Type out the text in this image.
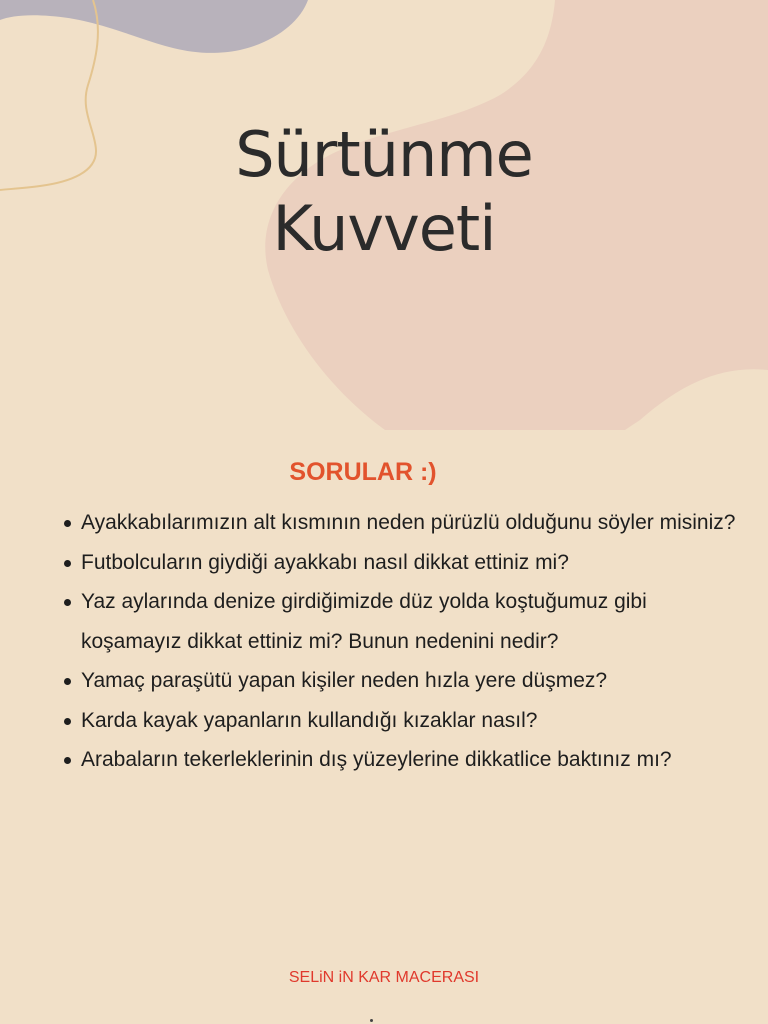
Sürtünme
Kuvveti
SORULAR :)
Ayakkabılarımızın alt kısmının neden pürüzlü olduğunu söyler misiniz?
Futbolcuların giydiği ayakkabı nasıl dikkat ettiniz mi?
Yaz aylarında denize girdiğimizde düz yolda koştuğumuz gibi koşamayız dikkat ettiniz mi? Bunun nedenini nedir?
Yamaç paraşütü yapan kişiler neden hızla yere düşmez?
Karda kayak yapanların kullandığı kızaklar nasıl?
Arabaların tekerleklerinin dış yüzeylerine dikkatlice baktınız mı?

SELiN iN KAR MACERASI
